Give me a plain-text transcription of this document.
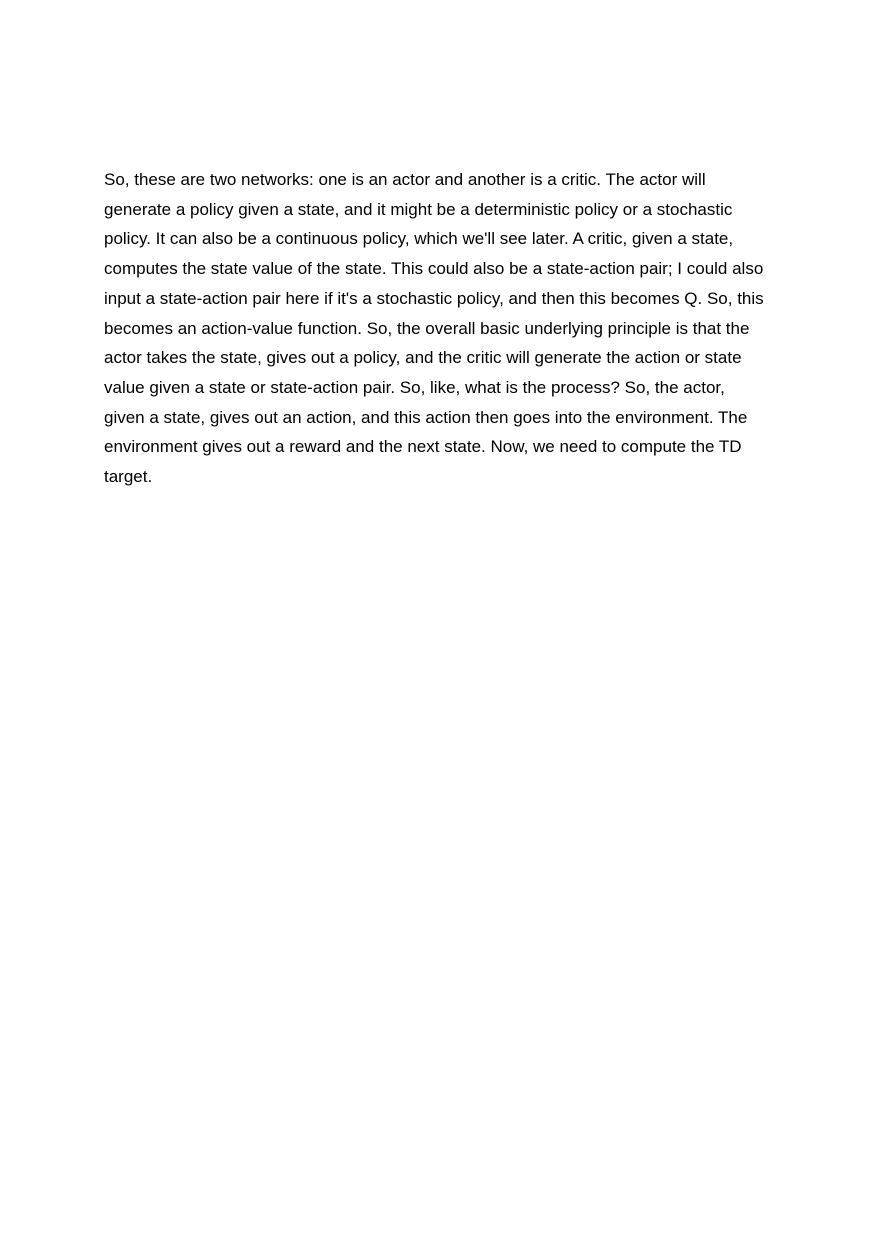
So, these are two networks: one is an actor and another is a critic. The actor will
generate a policy given a state, and it might be a deterministic policy or a stochastic
policy. It can also be a continuous policy, which we'll see later. A critic, given a state,
computes the state value of the state. This could also be a state-action pair; I could also
input a state-action pair here if it's a stochastic policy, and then this becomes Q. So, this
becomes an action-value function. So, the overall basic underlying principle is that the
actor takes the state, gives out a policy, and the critic will generate the action or state
value given a state or state-action pair. So, like, what is the process? So, the actor,
given a state, gives out an action, and this action then goes into the environment. The
environment gives out a reward and the next state. Now, we need to compute the TD
target.
